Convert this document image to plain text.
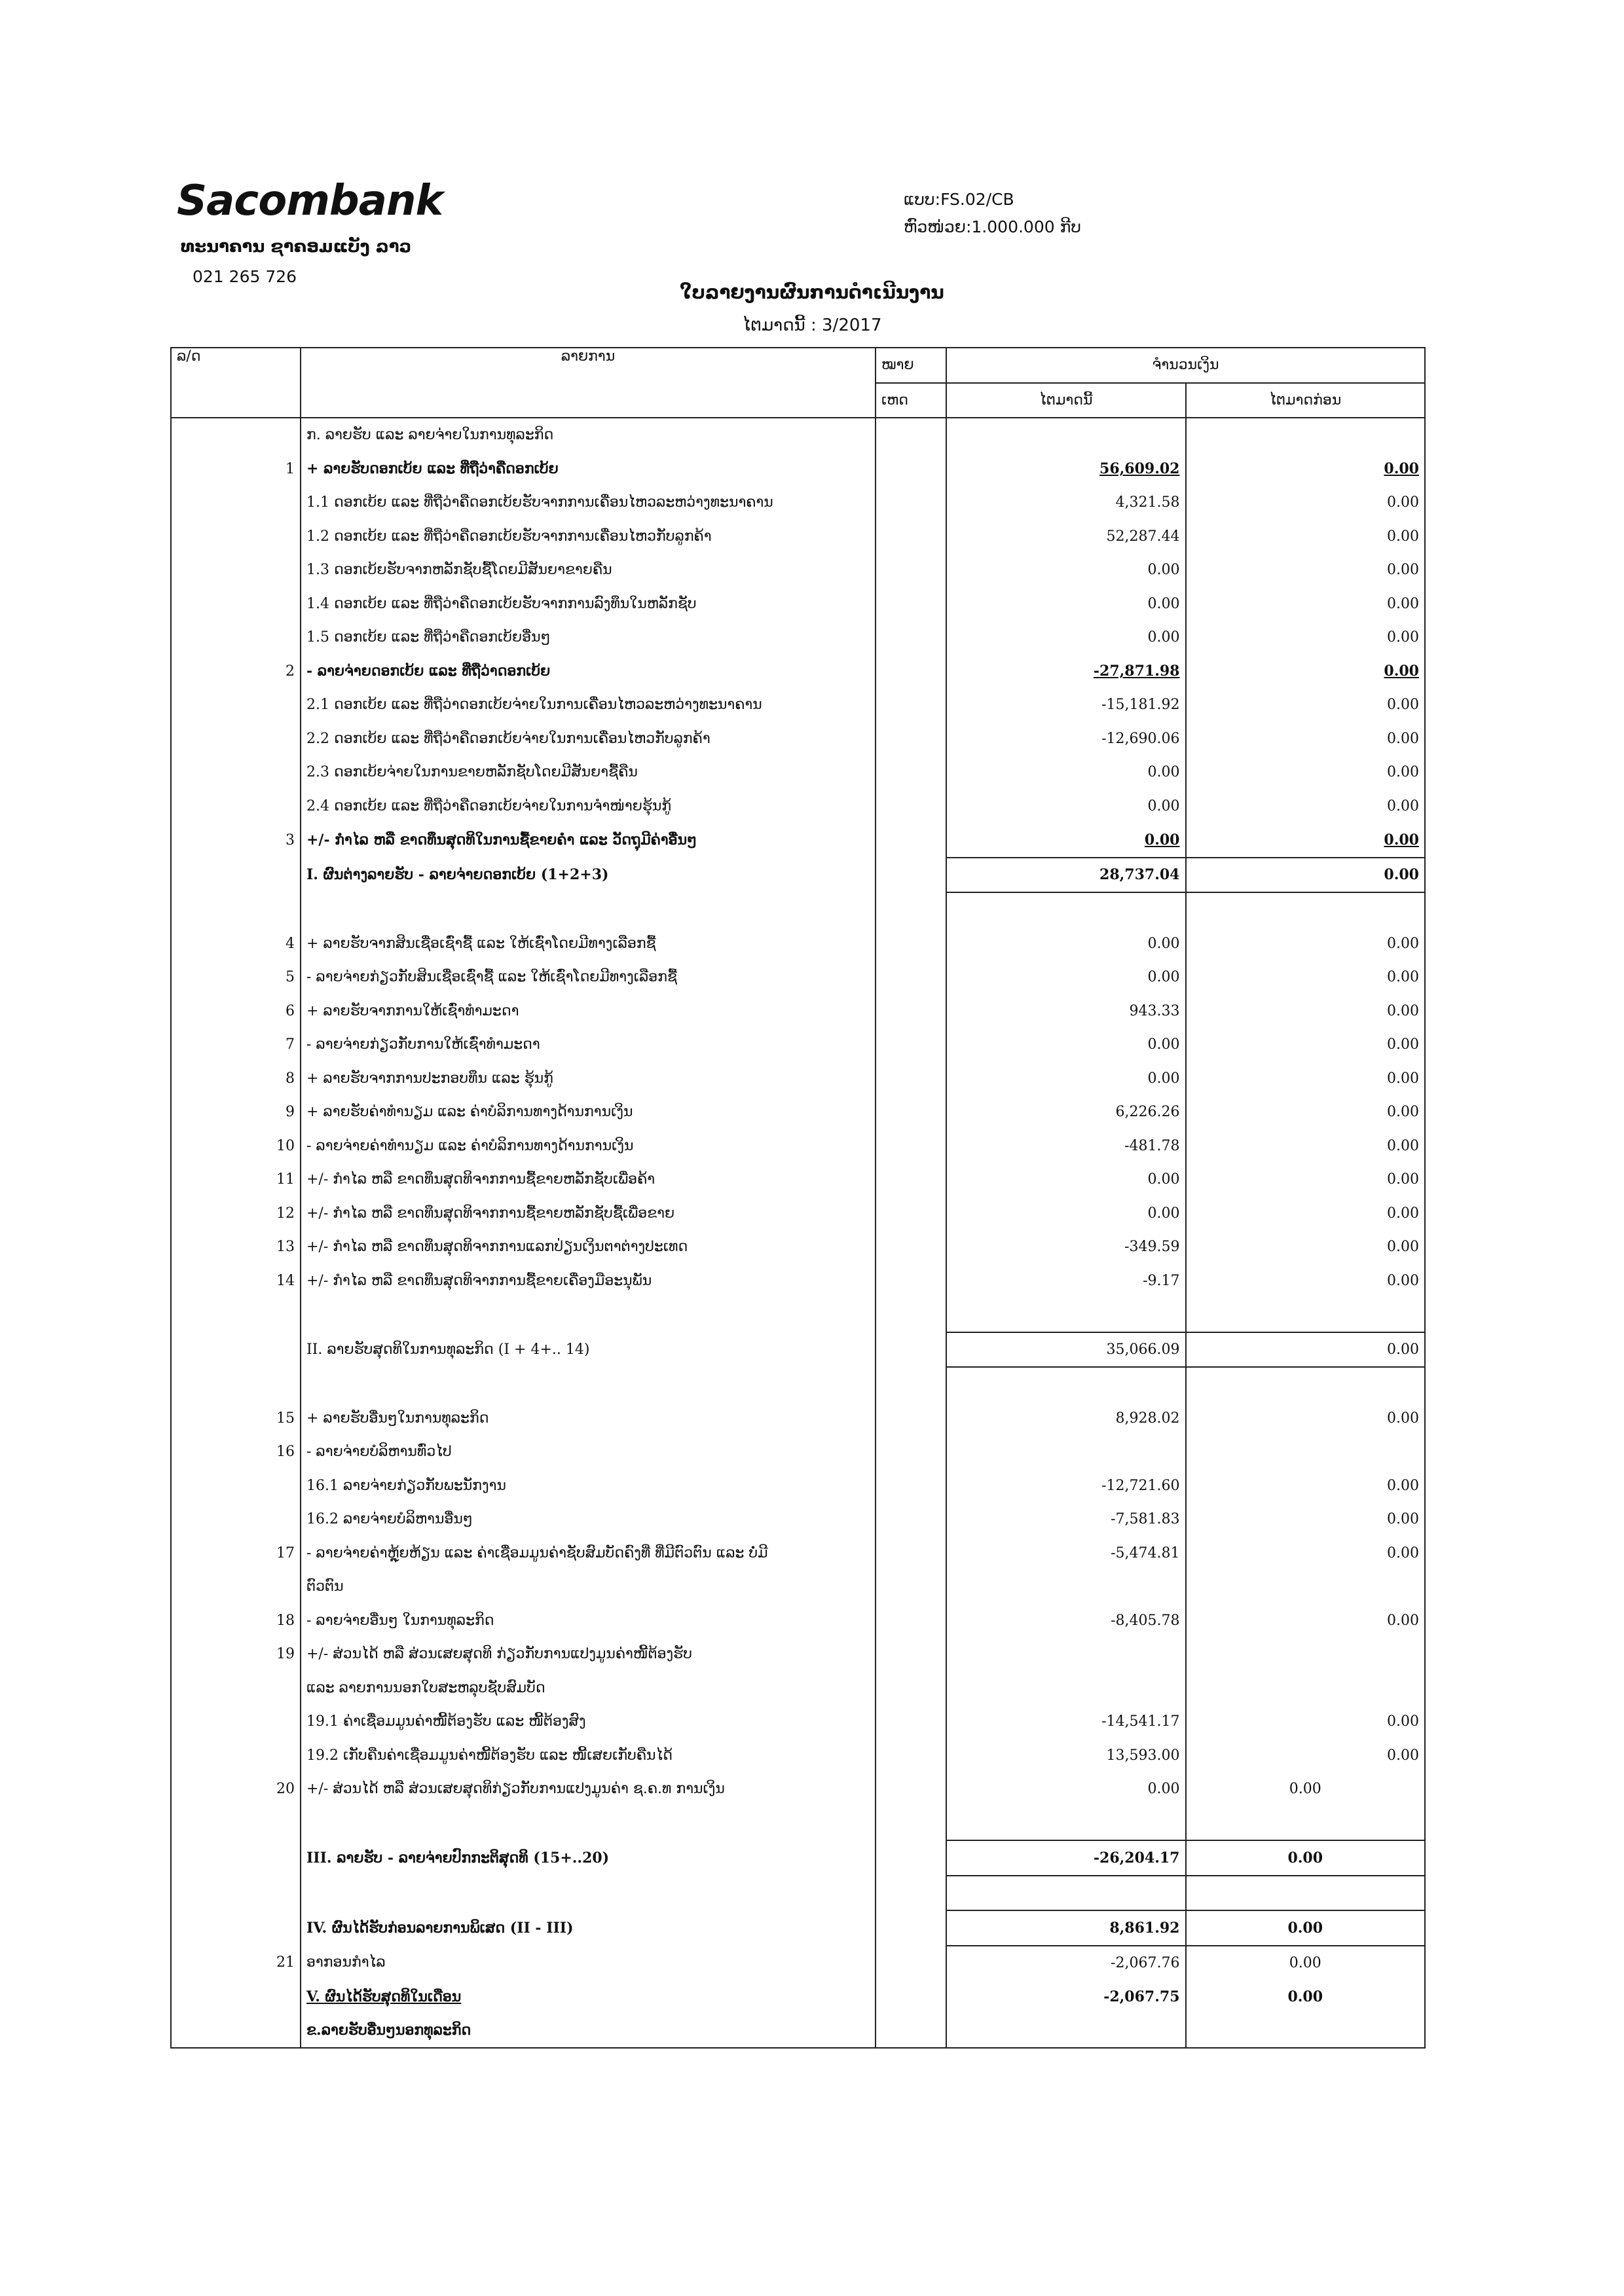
Sacombank
ທະນາຄານ ຊາຄອມແບັງ ລາວ
021 265 726
ແບບ:FS.02/CB
ຫົວໜ່ວຍ:1.000.000 ກີບ
ໃບລາຍງານຜົນການດຳເນີນງານ
ໄຕມາດນີ້ : 3/2017
ລ/ດ	ລາຍການ	ໝາຍ	ຈຳນວນເງິນ	
		ເຫດ	ໄຕມາດນີ້	ໄຕມາດກ່ອນ
	ກ. ລາຍຮັບ ແລະ ລາຍຈ່າຍໃນການທຸລະກິດ			
1	+ ລາຍຮັບດອກເບ້ຍ ແລະ ທີ່ຖືວ່າຄືດອກເບ້ຍ		56,609.02	0.00
	1.1 ດອກເບ້ຍ ແລະ ທີ່ຖືວ່າຄືດອກເບ້ຍຮັບຈາກການເຄື່ອນໄຫວລະຫວ່າງທະນາຄານ		4,321.58	0.00
	1.2 ດອກເບ້ຍ ແລະ ທີ່ຖືວ່າຄືດອກເບ້ຍຮັບຈາກການເຄື່ອນໄຫວກັບລູກຄ້າ		52,287.44	0.00
	1.3 ດອກເບ້ຍຮັບຈາກຫລັກຊັບຊື້ໂດຍມີສັນຍາຂາຍຄືນ		0.00	0.00
	1.4 ດອກເບ້ຍ ແລະ ທີ່ຖືວ່າຄືດອກເບ້ຍຮັບຈາກການລົງທຶນໃນຫລັກຊັບ		0.00	0.00
	1.5 ດອກເບ້ຍ ແລະ ທີ່ຖືວ່າຄືດອກເບ້ຍອື່ນໆ		0.00	0.00
2	- ລາຍຈ່າຍດອກເບ້ຍ ແລະ ທີ່ຖືວ່າດອກເບ້ຍ		-27,871.98	0.00
	2.1 ດອກເບ້ຍ ແລະ ທີ່ຖືວ່າດອກເບ້ຍຈ່າຍໃນການເຄື່ອນໄຫວລະຫວ່າງທະນາຄານ		-15,181.92	0.00
	2.2 ດອກເບ້ຍ ແລະ ທີ່ຖືວ່າຄືດອກເບ້ຍຈ່າຍໃນການເຄື່ອນໄຫວກັບລູກຄ້າ		-12,690.06	0.00
	2.3 ດອກເບ້ຍຈ່າຍໃນການຂາຍຫລັກຊັບໂດຍມີສັນຍາຊື້ຄືນ		0.00	0.00
	2.4 ດອກເບ້ຍ ແລະ ທີ່ຖືວ່າຄືດອກເບ້ຍຈ່າຍໃນການຈຳໜ່າຍຮຸ້ນກູ້		0.00	0.00
3	+/- ກຳໄລ ຫລື ຂາດທຶນສຸດທິໃນການຊື້ຂາຍຄຳ ແລະ ວັດຖຸມີຄ່າອື່ນໆ		0.00	0.00
	I. ຜົນຕ່າງລາຍຮັບ - ລາຍຈ່າຍດອກເບ້ຍ (1+2+3)		28,737.04	0.00

4	+ ລາຍຮັບຈາກສິນເຊື່ອເຊົ່າຊື້ ແລະ ໃຫ້ເຊົ່າໂດຍມີທາງເລືອກຊື້		0.00	0.00
5	- ລາຍຈ່າຍກ່ຽວກັບສິນເຊື່ອເຊົ່າຊື້ ແລະ ໃຫ້ເຊົ່າໂດຍມີທາງເລືອກຊື້		0.00	0.00
6	+ ລາຍຮັບຈາກການໃຫ້ເຊົ່າທຳມະດາ		943.33	0.00
7	- ລາຍຈ່າຍກ່ຽວກັບການໃຫ້ເຊົ່າທຳມະດາ		0.00	0.00
8	+ ລາຍຮັບຈາກການປະກອບທຶນ ແລະ ຮຸ້ນກູ້		0.00	0.00
9	+ ລາຍຮັບຄ່າທຳນຽມ ແລະ ຄ່າບໍລິການທາງດ້ານການເງິນ		6,226.26	0.00
10	- ລາຍຈ່າຍຄ່າທຳນຽມ ແລະ ຄ່າບໍລິການທາງດ້ານການເງິນ		-481.78	0.00
11	+/- ກຳໄລ ຫລື ຂາດທຶນສຸດທິຈາກການຊື້ຂາຍຫລັກຊັບເພື່ອຄ້າ		0.00	0.00
12	+/- ກຳໄລ ຫລື ຂາດທຶນສຸດທິຈາກການຊື້ຂາຍຫລັກຊັບຊື້ເພື່ອຂາຍ		0.00	0.00
13	+/- ກຳໄລ ຫລື ຂາດທຶນສຸດທິຈາກການແລກປ່ຽນເງິນຕາຕ່າງປະເທດ		-349.59	0.00
14	+/- ກຳໄລ ຫລື ຂາດທຶນສຸດທິຈາກການຊື້ຂາຍເຄື່ອງມືອະນຸພັນ		-9.17	0.00

	II. ລາຍຮັບສຸດທິໃນການທຸລະກິດ (I + 4+.. 14)		35,066.09	0.00

15	+ ລາຍຮັບອື່ນໆໃນການທຸລະກິດ		8,928.02	0.00
16	- ລາຍຈ່າຍບໍລິຫານທົ່ວໄປ			
	16.1 ລາຍຈ່າຍກ່ຽວກັບພະນັກງານ		-12,721.60	0.00
	16.2 ລາຍຈ່າຍບໍລິຫານອື່ນໆ		-7,581.83	0.00
17	- ລາຍຈ່າຍຄ່າຫຼຸ້ຍຫ້ຽນ ແລະ ຄ່າເຊື່ອມມູນຄ່າຊັບສົມບັດຄົງທີ່ ທີ່ມີຕົວຕົນ ແລະ ບໍ່ມີ		-5,474.81	0.00
	ຕົວຕົນ			
18	- ລາຍຈ່າຍອື່ນໆ ໃນການທຸລະກິດ		-8,405.78	0.00
19	+/- ສ່ວນໄດ້ ຫລື ສ່ວນເສຍສຸດທິ ກ່ຽວກັບການແປງມູນຄ່າໜີ້ຕ້ອງຮັບ			
	ແລະ ລາຍການນອກໃບສະຫລຸບຊັບສົມບັດ			
	19.1 ຄ່າເຊື່ອມມູນຄ່າໜີ້ຕ້ອງຮັບ ແລະ ໜີ້ຕ້ອງສົງ		-14,541.17	0.00
	19.2 ເກັບຄືນຄ່າເຊື່ອມມູນຄ່າໜີ້ຕ້ອງຮັບ ແລະ ໜີ້ເສຍເກັບຄືນໄດ້		13,593.00	0.00
20	+/- ສ່ວນໄດ້ ຫລື ສ່ວນເສຍສຸດທິກ່ຽວກັບການແປງມູນຄ່າ ຊ.ຄ.ທ ການເງິນ		0.00	0.00

	III. ລາຍຮັບ - ລາຍຈ່າຍປົກກະຕິສຸດທິ (15+..20)		-26,204.17	0.00

	IV. ຜົນໄດ້ຮັບກ່ອນລາຍການພິເສດ (II - III)		8,861.92	0.00
21	ອາກອນກຳໄລ		-2,067.76	0.00
	V. ຜົນໄດ້ຮັບສຸດທິໃນເດືອນ		-2,067.75	0.00
	ຂ.ລາຍຮັບອື່ນໆນອກທຸລະກິດ			
